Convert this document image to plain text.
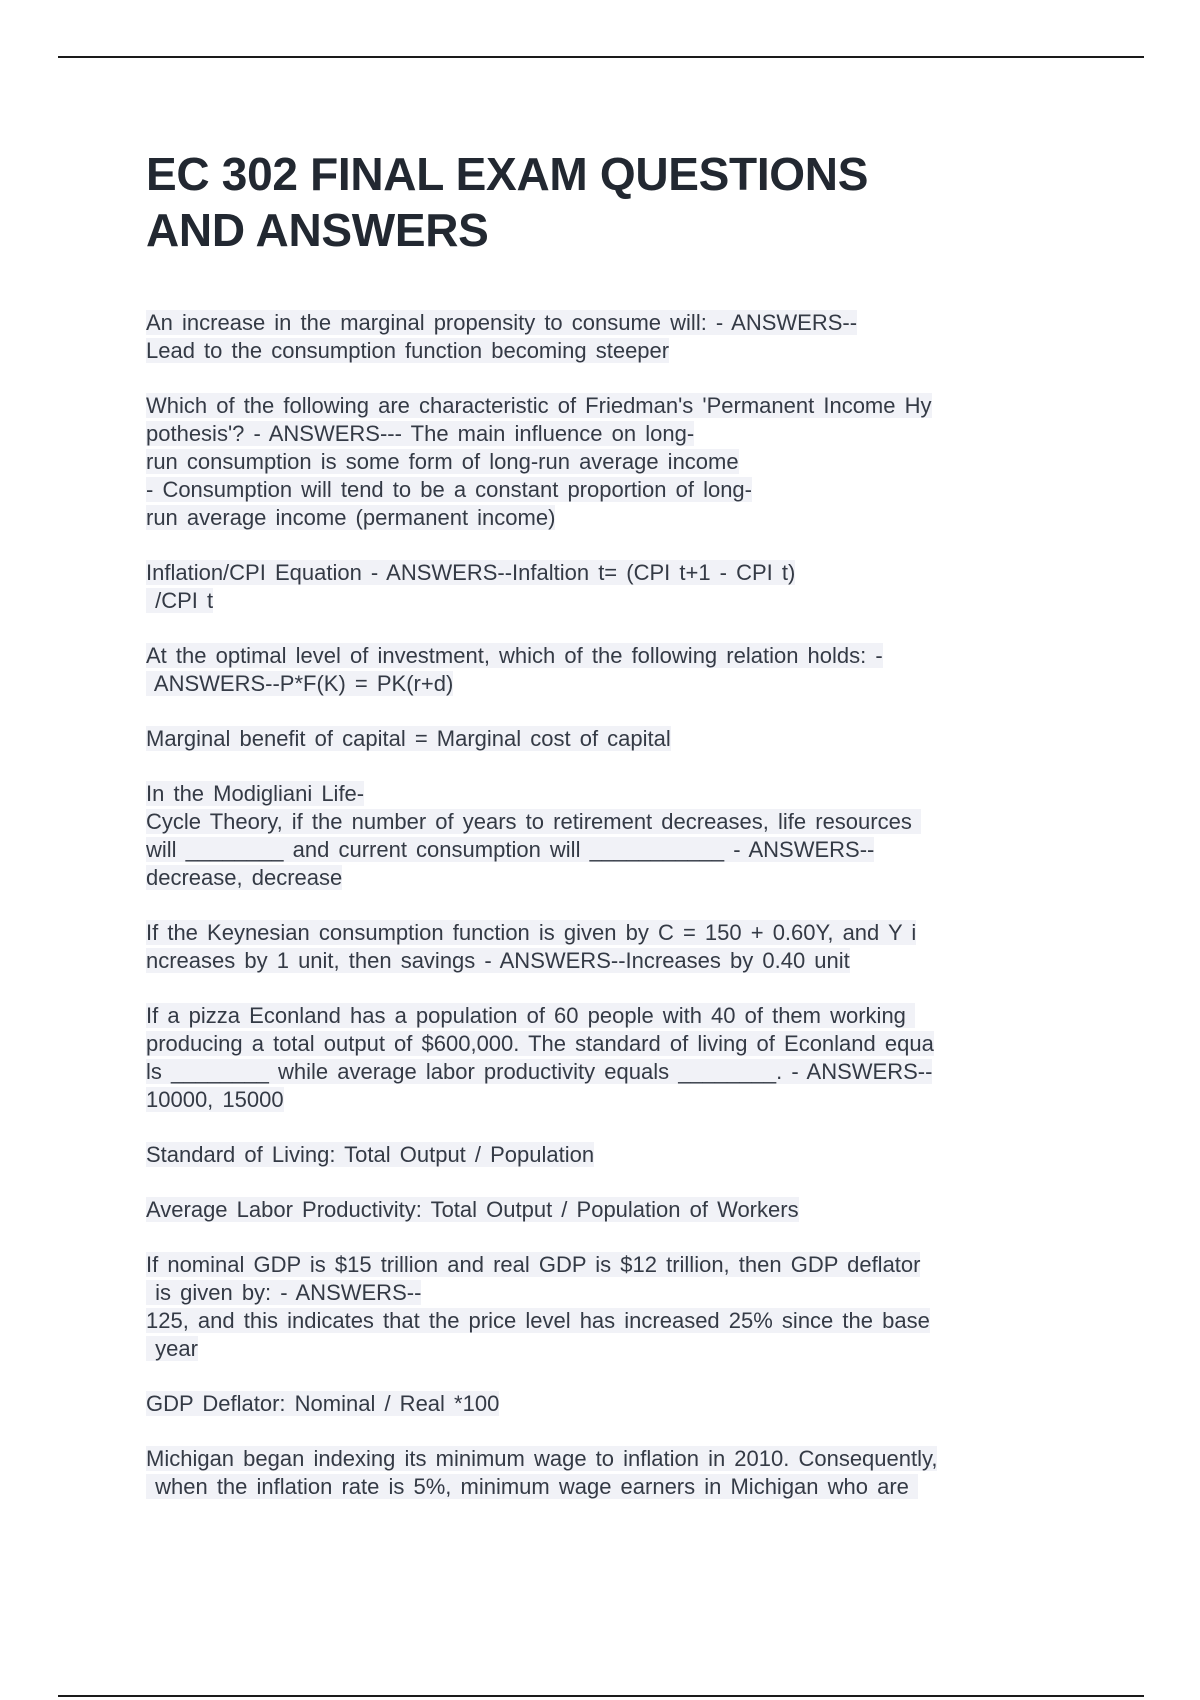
EC 302 FINAL EXAM QUESTIONS
AND ANSWERS

An increase in the marginal propensity to consume will: - ANSWERS--
Lead to the consumption function becoming steeper

Which of the following are characteristic of Friedman's 'Permanent Income Hy
pothesis'? - ANSWERS--- The main influence on long-
run consumption is some form of long-run average income
- Consumption will tend to be a constant proportion of long-
run average income (permanent income)

Inflation/CPI Equation - ANSWERS--Infaltion t= (CPI t+1 - CPI t)
/CPI t

At the optimal level of investment, which of the following relation holds: -
ANSWERS--P*F(K) = PK(r+d)

Marginal benefit of capital = Marginal cost of capital

In the Modigliani Life-
Cycle Theory, if the number of years to retirement decreases, life resources
will ________ and current consumption will ___________ - ANSWERS--
decrease, decrease

If the Keynesian consumption function is given by C = 150 + 0.60Y, and Y i
ncreases by 1 unit, then savings - ANSWERS--Increases by 0.40 unit

If a pizza Econland has a population of 60 people with 40 of them working
producing a total output of $600,000. The standard of living of Econland equa
ls ________ while average labor productivity equals ________. - ANSWERS--
10000, 15000

Standard of Living: Total Output / Population

Average Labor Productivity: Total Output / Population of Workers

If nominal GDP is $15 trillion and real GDP is $12 trillion, then GDP deflator
is given by: - ANSWERS--
125, and this indicates that the price level has increased 25% since the base
year

GDP Deflator: Nominal / Real *100

Michigan began indexing its minimum wage to inflation in 2010. Consequently,
when the inflation rate is 5%, minimum wage earners in Michigan who are
